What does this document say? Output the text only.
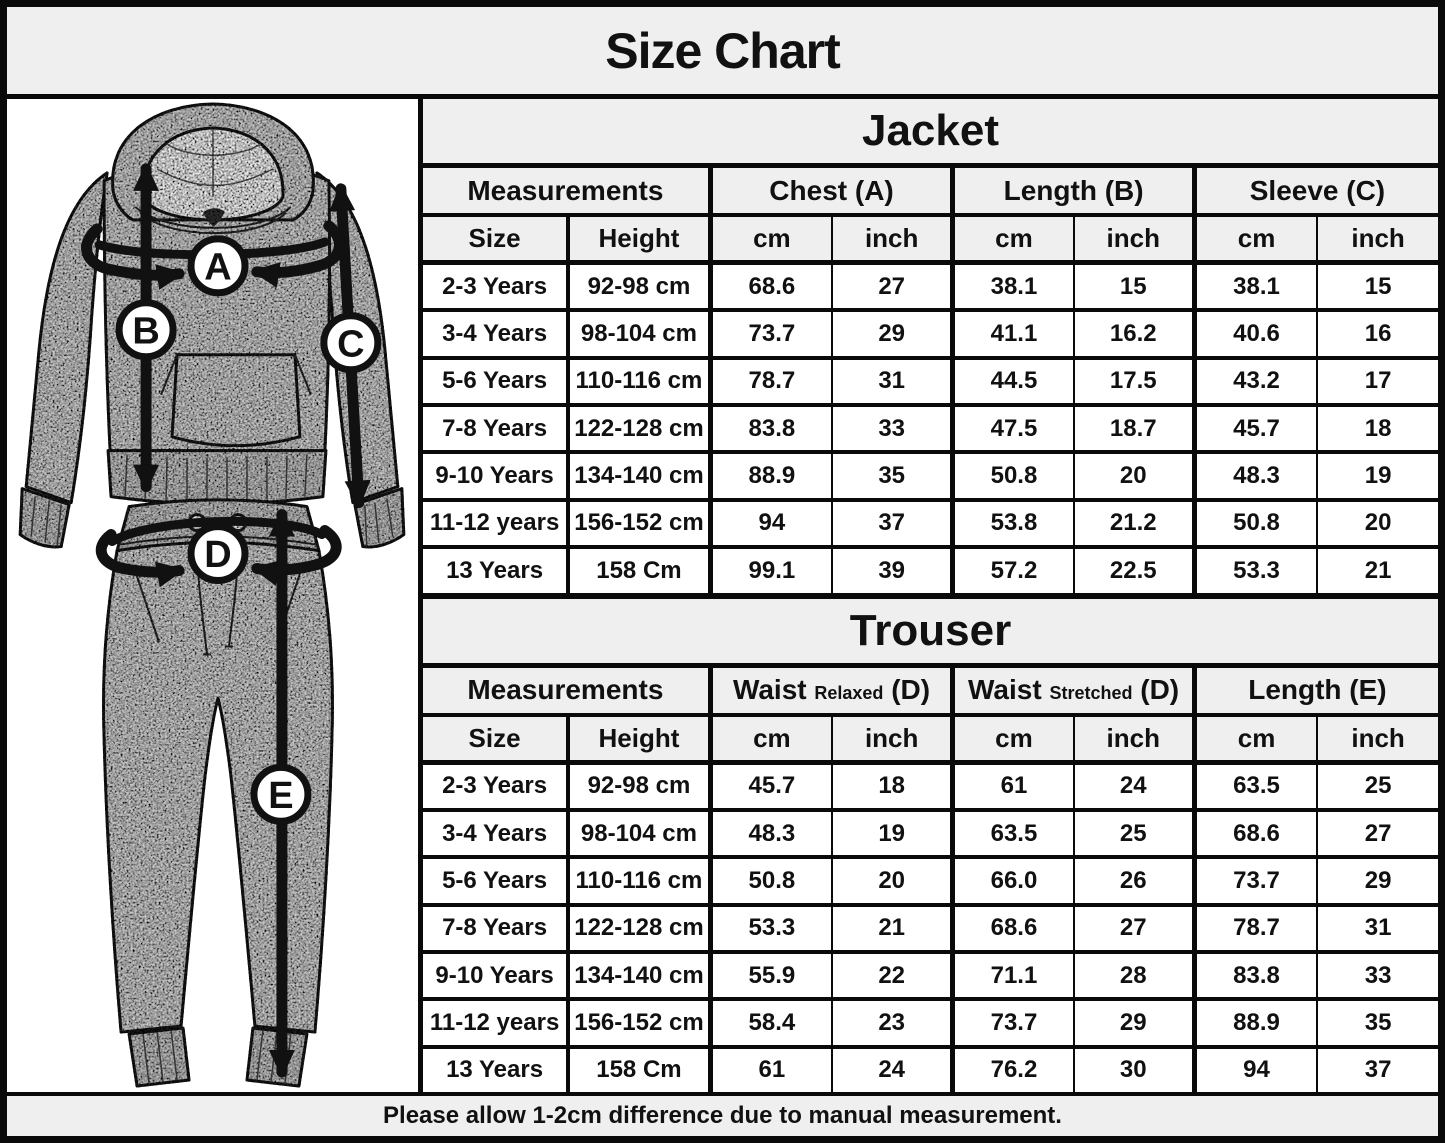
Size Chart
A
B	C
D
E
Jacket
Measurements		Chest (A)		Length (B)		Sleeve (C)	
Size	Height	cm	inch	cm	inch	cm	inch
2-3 Years	92-98 cm	68.6	27	38.1	15	38.1	15
3-4 Years	98-104 cm	73.7	29	41.1	16.2	40.6	16
5-6 Years	110-116 cm	78.7	31	44.5	17.5	43.2	17
7-8 Years	122-128 cm	83.8	33	47.5	18.7	45.7	18
9-10 Years	134-140 cm	88.9	35	50.8	20	48.3	19
11-12 years	156-152 cm	94	37	53.8	21.2	50.8	20
13 Years	158 Cm	99.1	39	57.2	22.5	53.3	21
Trouser
Measurements		Waist Relaxed (D)		Waist Stretched (D)		Length (E)	
Size	Height	cm	inch	cm	inch	cm	inch
2-3 Years	92-98 cm	45.7	18	61	24	63.5	25
3-4 Years	98-104 cm	48.3	19	63.5	25	68.6	27
5-6 Years	110-116 cm	50.8	20	66.0	26	73.7	29
7-8 Years	122-128 cm	53.3	21	68.6	27	78.7	31
9-10 Years	134-140 cm	55.9	22	71.1	28	83.8	33
11-12 years	156-152 cm	58.4	23	73.7	29	88.9	35
13 Years	158 Cm	61	24	76.2	30	94	37
Please allow 1-2cm difference due to manual measurement.
